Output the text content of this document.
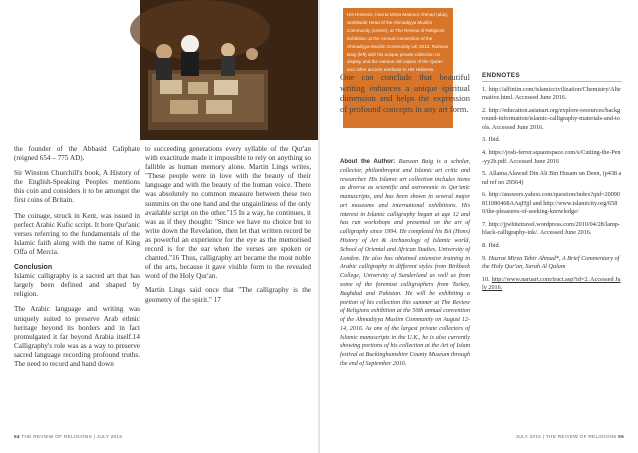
His Holiness, Hazrat Mirza Masroor Ahmad (aba), worldwide Head of the Ahmadiyya Muslim Community (centre), at The Review of Religions Exhibition at the Annual Convention of the Ahmadiyya Muslim Community UK 2013. Razwan Baig (left) with his unique private collection on display and the various old copies of the Quran and other ancient artefacts to His Holiness.

the founder of the Abbasid Caliphate (reigned 654 – 775 AD).

Sir Winston Churchill's book, A History of the English-Speaking Peoples mentions this coin and considers it to be amongst the first coins of Britain.

The coinage, struck in Kent, was issued in perfect Arabic Kufic script. It bore Qur'anic verses referring to the fundamentals of the Islamic faith along with the name of King Offa of Mercia.

Conclusion

Islamic calligraphy is a sacred art that has largely been defined and shaped by religion.

The Arabic language and writing was uniquely suited to preserve Arab ethnic heritage beyond its borders and in fact promulgated it far beyond Arabia itself.14 Calligraphy's role was as a way to preserve sacred language recording profound truths. The need to record and hand down

to succeeding generations every syllable of the Qur'an with exactitude made it impossible to rely on anything so fallible as human memory alone. Martin Lings writes, "These people were in love with the beauty of their language and with the beauty of the human voice. There was absolutely no common measure between these two summits on the one hand and the ungainliness of the only available script on the other."15 In a way, he continues, it was as if they thought: "Since we have no choice but to write down the Revelation, then let that written record be as powerful an experience for the eye as the memorised record is for the ear when the verses are spoken or chanted."16 Thus, calligraphy art became the most noble of the arts, because it gave visible form to the revealed word of the Holy Qur'an.

Martin Lings said once that "The calligraphy is the geometry of the spirit." 17

One can conclude that beautiful writing enhances a unique spiritual dimension and helps the expression of profound concepts in any art form.

About the Author: Razwan Baig is a scholar, collector, philanthropist and Islamic art critic and researcher. His Islamic art collection includes items as diverse as scientific and astronomic to Qur'anic manuscripts, and has been shown in several major art museums and international exhibitions. His interest in Islamic calligraphy began at age 12 and has run workshops and presented on the art of calligraphy since 1994. He completed his BA (Hons) History of Art & Archaeology of Islamic world, School of Oriental and African Studies, University of London. He also has obtained extensive training in Arabic calligraphy in different styles from Birkbeck College, University of Sunderland as well as from some of the foremost calligraphers from Turkey, Baghdad and Pakistan. He will be exhibiting a portion of his collection this summer at The Review of Religions exhibition at the 50th annual convention of the Ahmadiyya Muslim Community on August 12-14, 2016. As one of the largest private collectors of Islamic manuscripts in the U.K., he is also currently showing portions of his collection at the Art of Islam festival at Buckinghamshire County Museum through the end of September 2016.

ENDNOTES
1. http://alfiniin.com/islamiccivilization/Chemistry/Alternative.html. Accessed June 2016.
2. http://education.asianart.org/explore-resources/background-information/islamic-calligraphy-materials-and-tools. Accessed June 2016.
3. Ibid.
4. https://josh-ferrer.squarespace.com/s/Cutting-the-Pen-yy2b.pdf. Accessed June 2016
5. Allama Alawud Din Ali Bin Husam un Deen, (p438 and ref no 29564)
6. http://answers.yahoo.com/question/index?qid=20090811080408AAqHjjl and http://www.islamicity.org/6580/the-pleasures-of-seeking-knowledge/
7. http://jjwhitetravel.wordpress.com/2010/04/28/lamp-black-calligraphy-ink/. Accessed June 2016.
8. Ibid.
9. Hazrat Mirza Tahir Ahmad*, A Brief Commentary of the Holy Qur'an, Surah Al Qalam
10. http://www.naruart.com/tract.asp?id=2. Accessed July 2016.
54 THE REVIEW OF RELIGIONS | JULY 2016	JULY 2016 | THE REVIEW OF RELIGIONS 55
